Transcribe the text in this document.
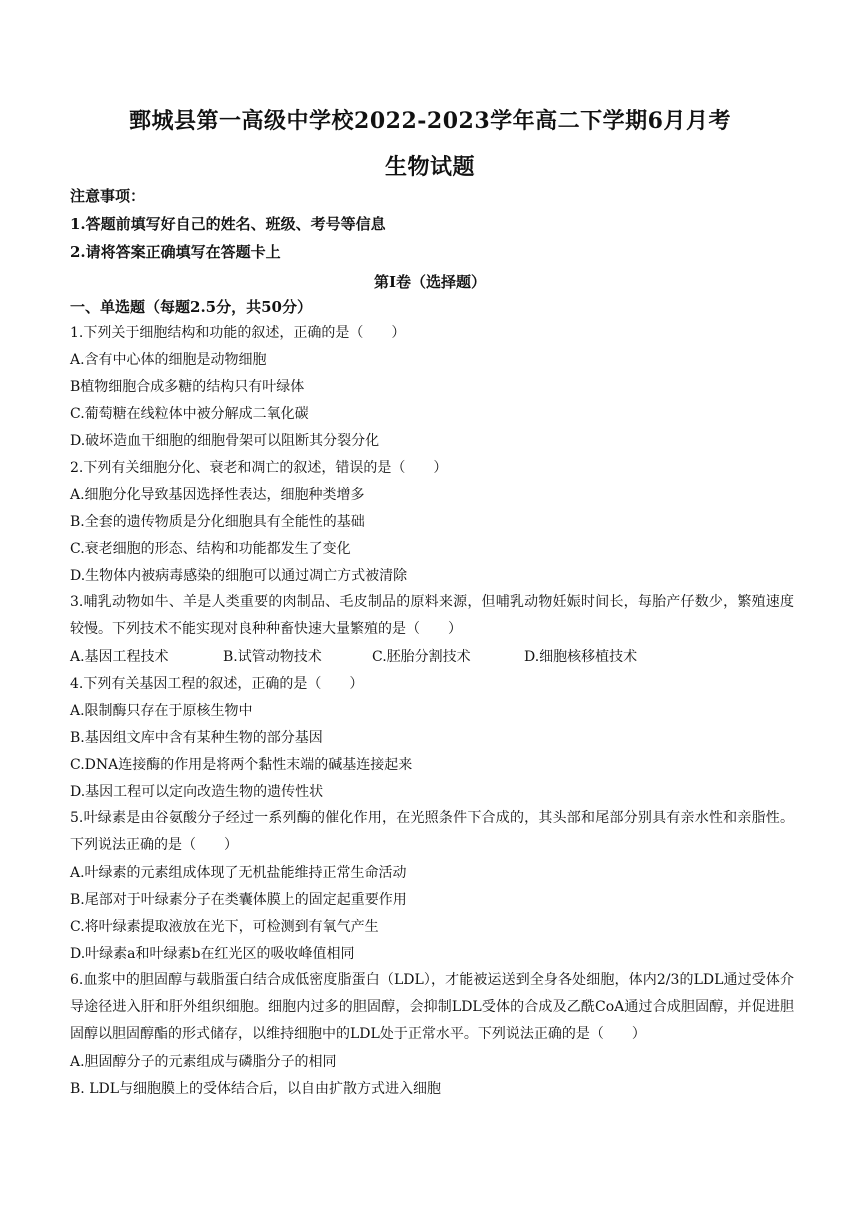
鄄城县第一高级中学校2022-2023学年高二下学期6月月考
生物试题
注意事项：
1.答题前填写好自己的姓名、班级、考号等信息
2.请将答案正确填写在答题卡上
第I卷（选择题）
一、单选题（每题2.5分，共50分）
1.下列关于细胞结构和功能的叙述，正确的是（　　）
A.含有中心体的细胞是动物细胞
B植物细胞合成多糖的结构只有叶绿体
C.葡萄糖在线粒体中被分解成二氧化碳
D.破坏造血干细胞的细胞骨架可以阻断其分裂分化
2.下列有关细胞分化、衰老和凋亡的叙述，错误的是（　　）
A.细胞分化导致基因选择性表达，细胞种类增多
B.全套的遗传物质是分化细胞具有全能性的基础
C.衰老细胞的形态、结构和功能都发生了变化
D.生物体内被病毒感染的细胞可以通过凋亡方式被清除
3.哺乳动物如牛、羊是人类重要的肉制品、毛皮制品的原料来源，但哺乳动物妊娠时间长，每胎产仔数少，繁殖速度较慢。下列技术不能实现对良种种畜快速大量繁殖的是（　　）
A.基因工程技术	B.试管动物技术	C.胚胎分割技术	D.细胞核移植技术
4.下列有关基因工程的叙述，正确的是（　　）
A.限制酶只存在于原核生物中
B.基因组文库中含有某种生物的部分基因
C.DNA连接酶的作用是将两个黏性末端的碱基连接起来
D.基因工程可以定向改造生物的遗传性状
5.叶绿素是由谷氨酸分子经过一系列酶的催化作用，在光照条件下合成的，其头部和尾部分别具有亲水性和亲脂性。下列说法正确的是（　　）
A.叶绿素的元素组成体现了无机盐能维持正常生命活动
B.尾部对于叶绿素分子在类囊体膜上的固定起重要作用
C.将叶绿素提取液放在光下，可检测到有氧气产生
D.叶绿素a和叶绿素b在红光区的吸收峰值相同
6.血浆中的胆固醇与载脂蛋白结合成低密度脂蛋白（LDL），才能被运送到全身各处细胞，体内2/3的LDL通过受体介导途径进入肝和肝外组织细胞。细胞内过多的胆固醇，会抑制LDL受体的合成及乙酰CoA通过合成胆固醇，并促进胆固醇以胆固醇酯的形式储存，以维持细胞中的LDL处于正常水平。下列说法正确的是（　　）
A.胆固醇分子的元素组成与磷脂分子的相同
B. LDL与细胞膜上的受体结合后，以自由扩散方式进入细胞
